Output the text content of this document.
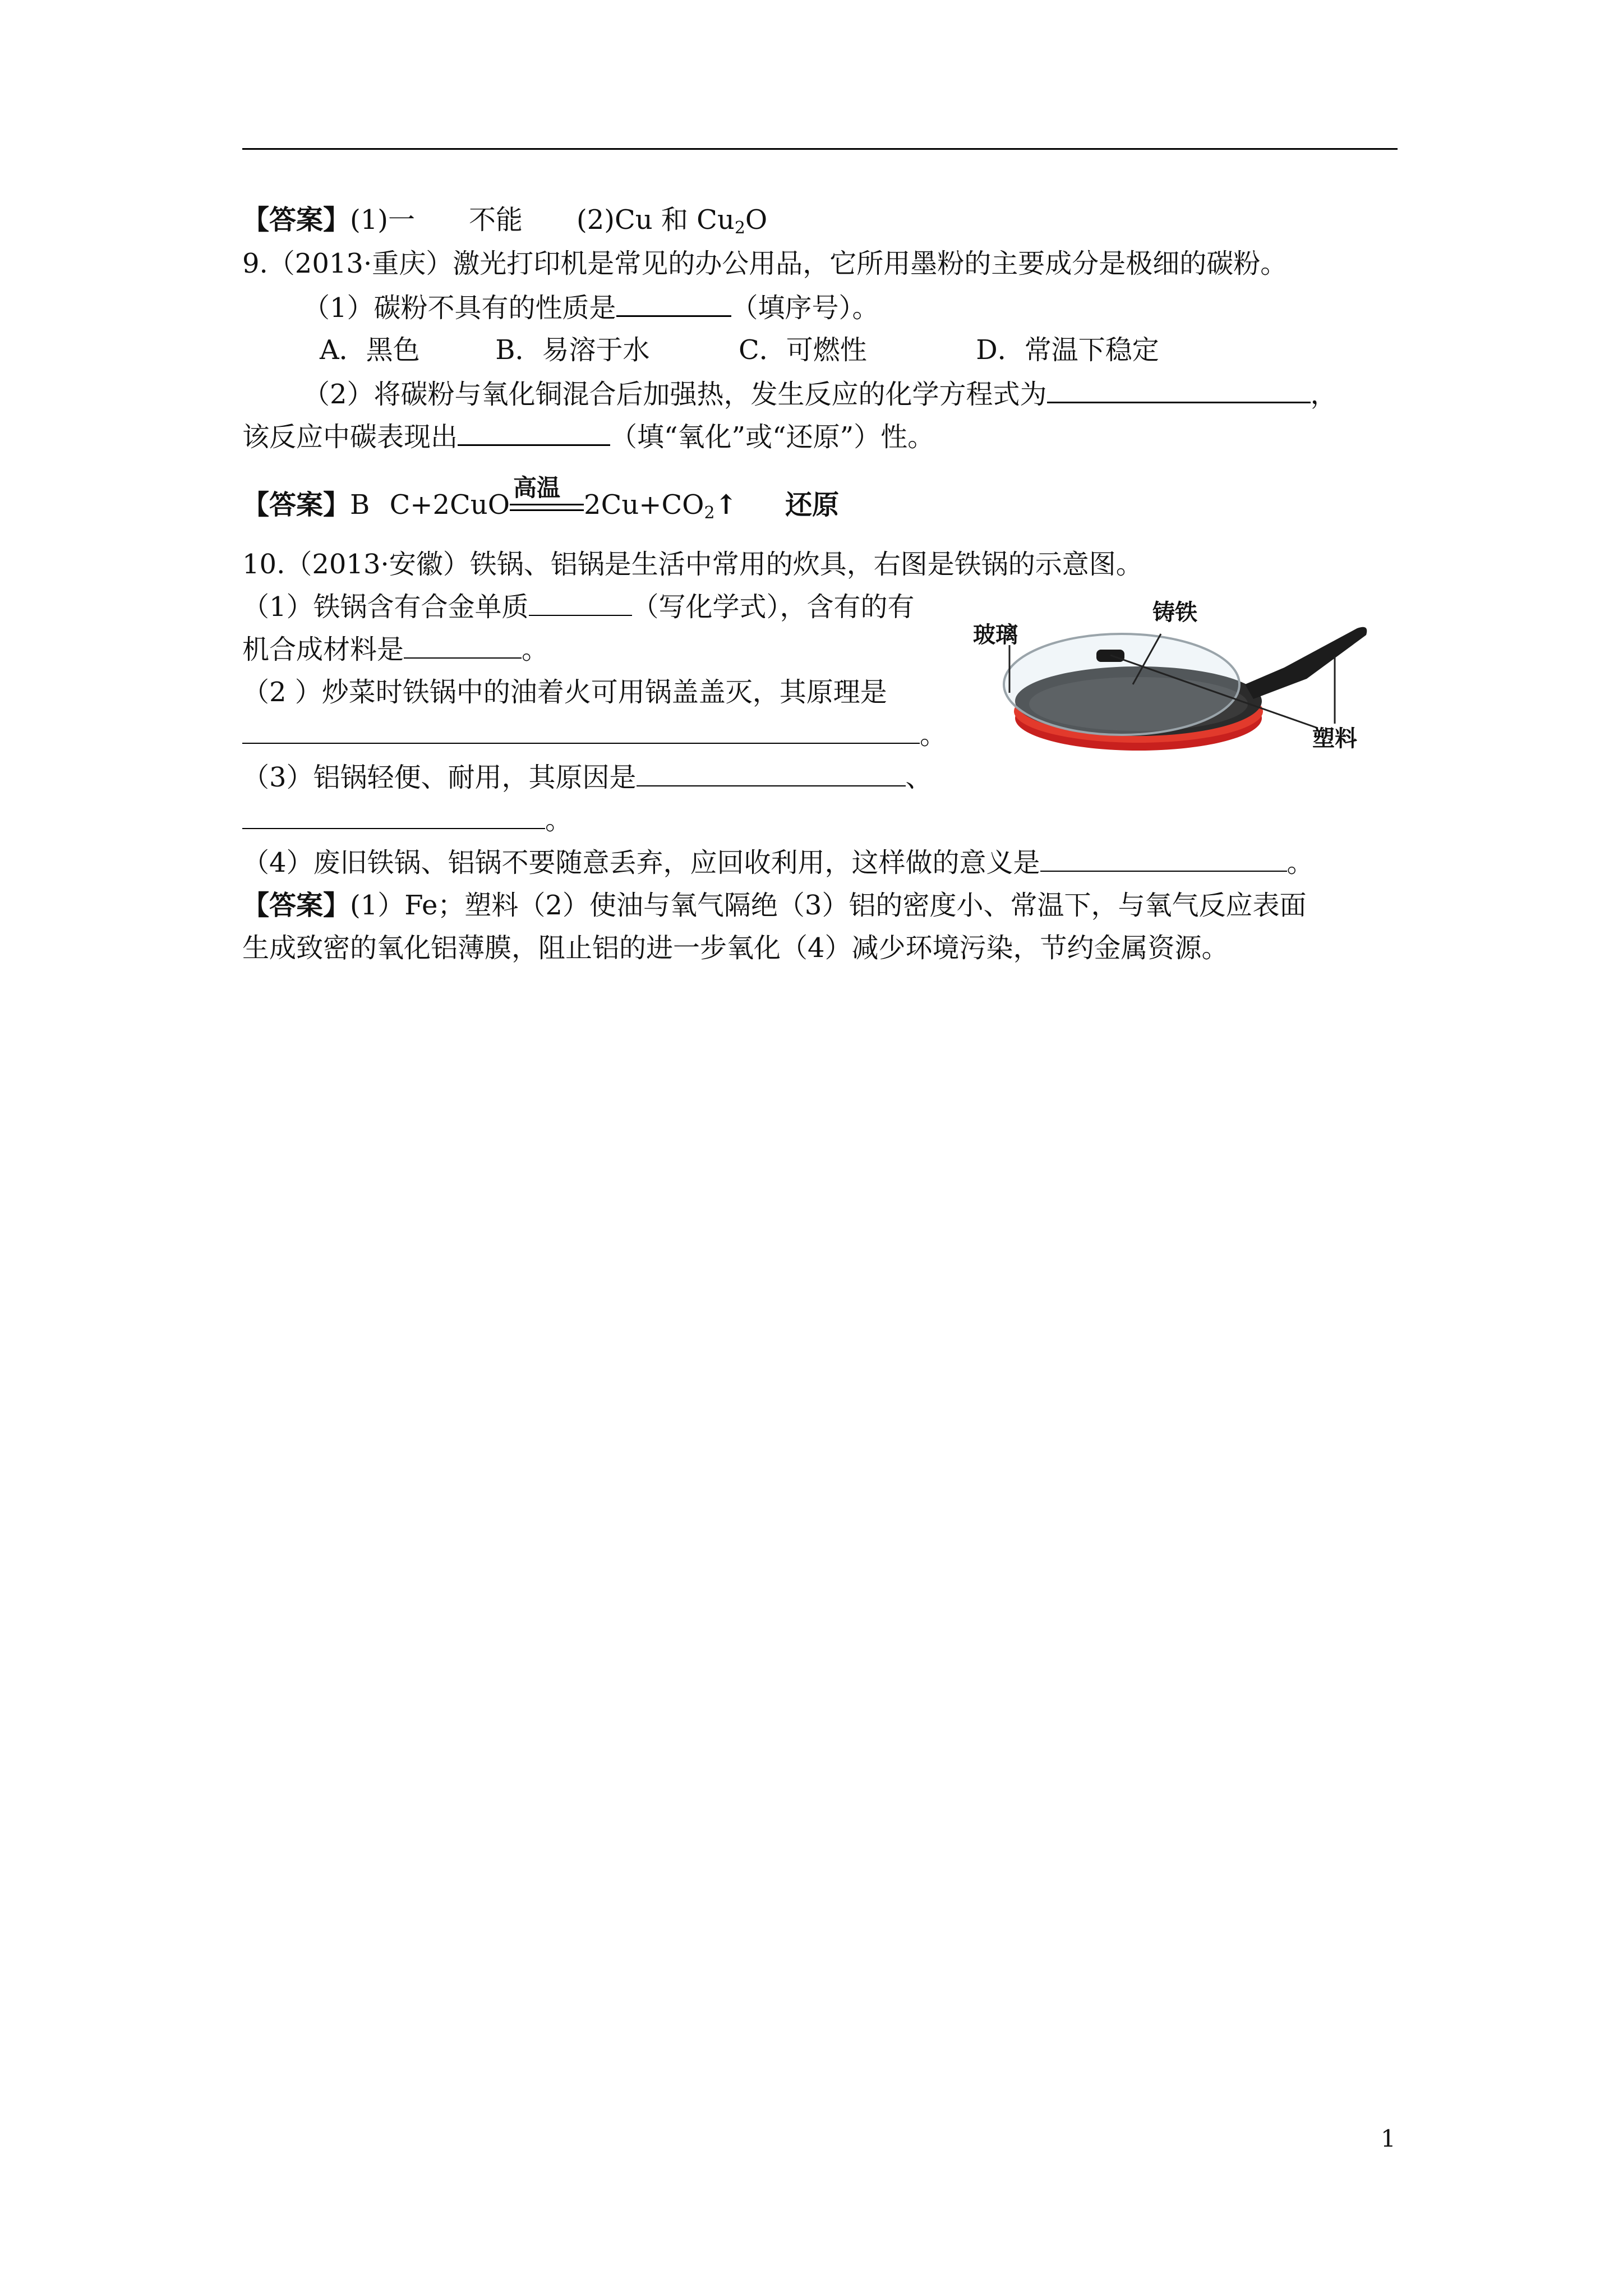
【答案】(1)一　　不能　　(2)Cu 和 $Cu_2O$
9.（2013·重庆）激光打印机是常见的办公用品，它所用墨粉的主要成分是极细的碳粉。
（1）碳粉不具有的性质是	（填序号）。
A．黑色	B．易溶于水	C．可燃性	D．常温下稳定
（2）将碳粉与氧化铜混合后加强热，发生反应的化学方程式为	，
该反应中碳表现出	（填“氧化”或“还原”）性。
【答案】B C+2CuO
高温
$2Cu+CO_2↑$ 还原
10.（2013·安徽）铁锅、铝锅是生活中常用的炊具，右图是铁锅的示意图。
（1）铁锅含有合金单质	（写化学式），含有的有
机合成材料是	。
（2 ）炒菜时铁锅中的油着火可用锅盖盖灭，其原理是
。
（3）铝锅轻便、耐用，其原因是	、
。
（4）废旧铁锅、铝锅不要随意丢弃，应回收利用，这样做的意义是	。
【答案】(1）Fe；塑料（2）使油与氧气隔绝（3）铝的密度小、常温下，与氧气反应表面
生成致密的氧化铝薄膜，阻止铝的进一步氧化（4）减少环境污染，节约金属资源。
铸铁
玻璃
塑料
1
